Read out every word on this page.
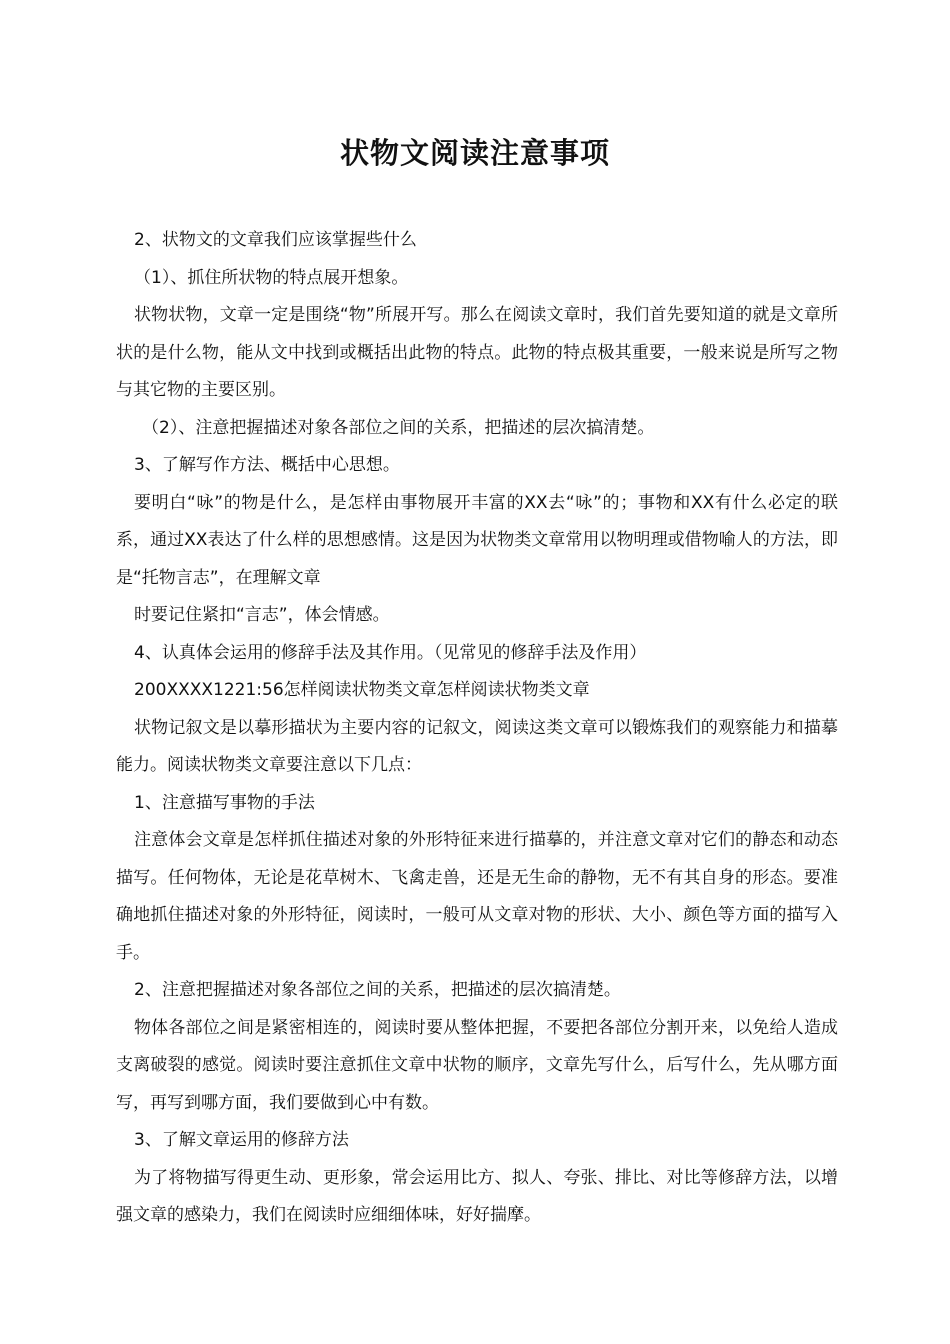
状物文阅读注意事项

2、状物文的文章我们应该掌握些什么

（1）、抓住所状物的特点展开想象。

状物状物，文章一定是围绕“物”所展开写。那么在阅读文章时，我们首先要知道的就是文章所状的是什么物，能从文中找到或概括出此物的特点。此物的特点极其重要，一般来说是所写之物与其它物的主要区别。

（2）、注意把握描述对象各部位之间的关系，把描述的层次搞清楚。

3、了解写作方法、概括中心思想。

要明白“咏”的物是什么，是怎样由事物展开丰富的XX去“咏”的；事物和XX有什么必定的联系，通过XX表达了什么样的思想感情。这是因为状物类文章常用以物明理或借物喻人的方法，即是“托物言志”，在理解文章

时要记住紧扣“言志”，体会情感。

4、认真体会运用的修辞手法及其作用。（见常见的修辞手法及作用）

200XXXX1221:56怎样阅读状物类文章怎样阅读状物类文章

状物记叙文是以摹形描状为主要内容的记叙文，阅读这类文章可以锻炼我们的观察能力和描摹能力。阅读状物类文章要注意以下几点：

1、注意描写事物的手法

注意体会文章是怎样抓住描述对象的外形特征来进行描摹的，并注意文章对它们的静态和动态描写。任何物体，无论是花草树木、飞禽走兽，还是无生命的静物，无不有其自身的形态。要准确地抓住描述对象的外形特征，阅读时，一般可从文章对物的形状、大小、颜色等方面的描写入手。

2、注意把握描述对象各部位之间的关系，把描述的层次搞清楚。

物体各部位之间是紧密相连的，阅读时要从整体把握，不要把各部位分割开来，以免给人造成支离破裂的感觉。阅读时要注意抓住文章中状物的顺序，文章先写什么，后写什么，先从哪方面写，再写到哪方面，我们要做到心中有数。

3、了解文章运用的修辞方法

为了将物描写得更生动、更形象，常会运用比方、拟人、夸张、排比、对比等修辞方法，以增强文章的感染力，我们在阅读时应细细体味，好好揣摩。
